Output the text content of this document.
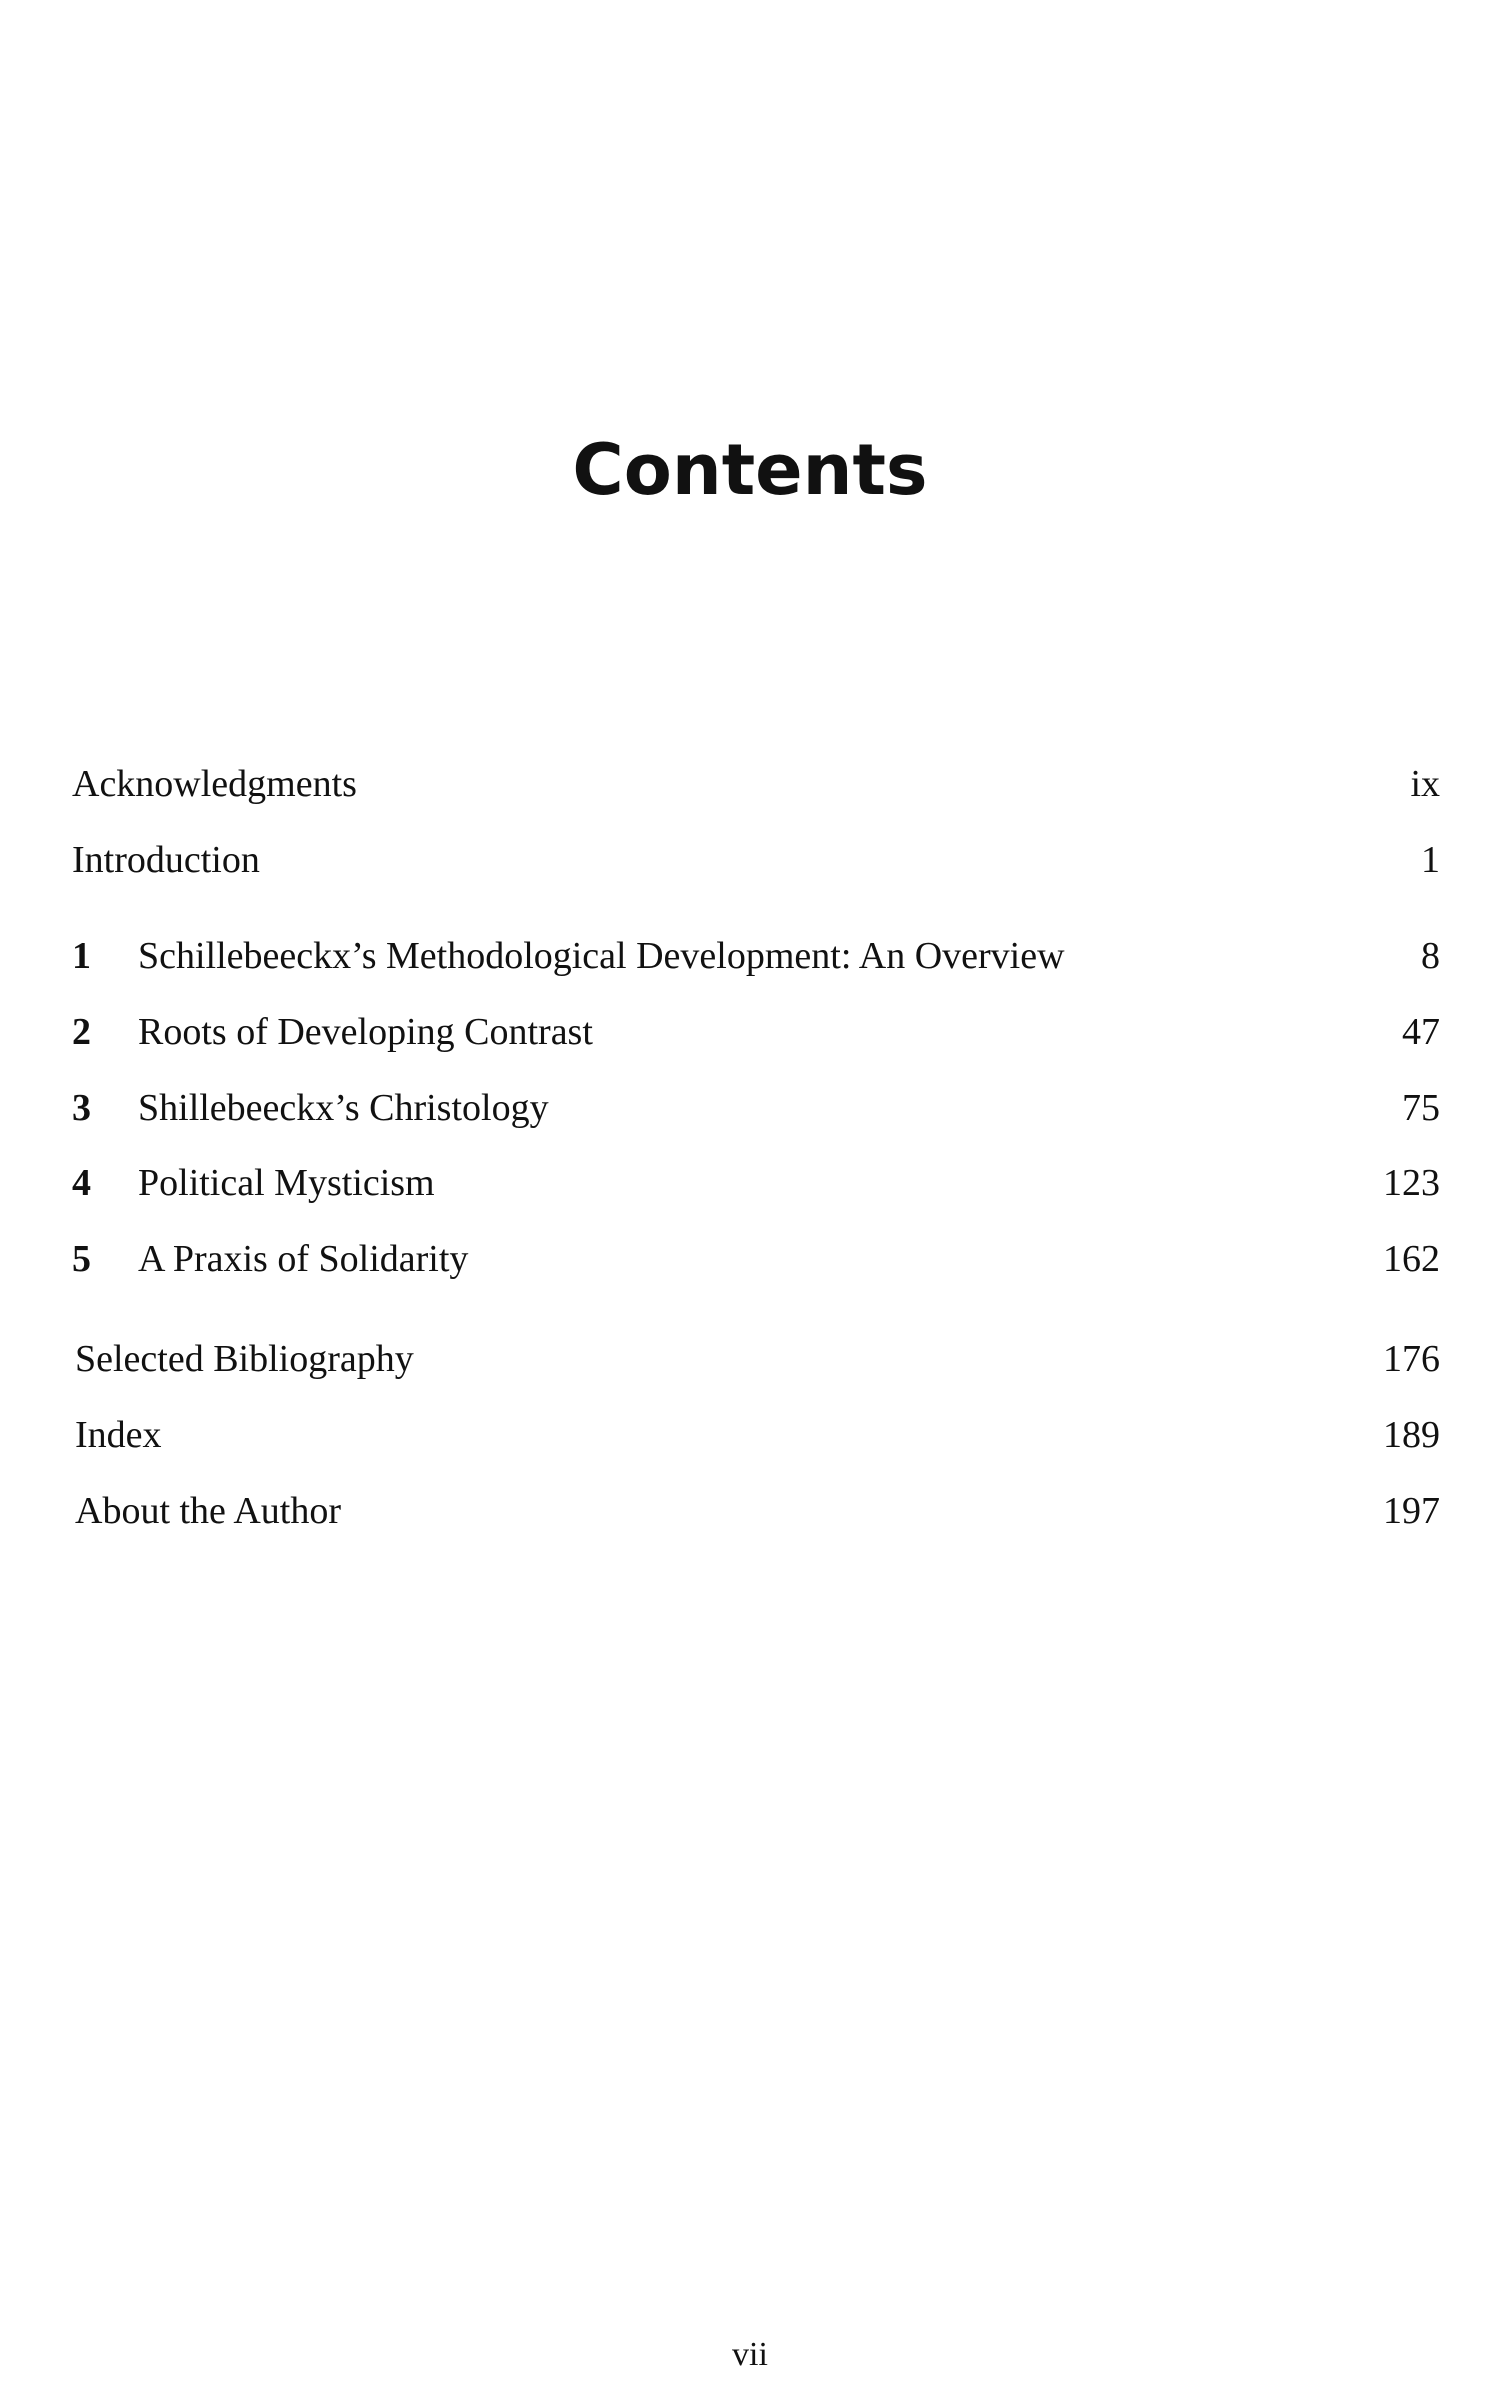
Contents
Acknowledgments	ix
Introduction	1
1 Schillebeeckx’s Methodological Development: An Overview	8
2 Roots of Developing Contrast	47
3 Shillebeeckx’s Christology	75
4 Political Mysticism	123
5 A Praxis of Solidarity	162
Selected Bibliography	176
Index	189
About the Author	197
vii
